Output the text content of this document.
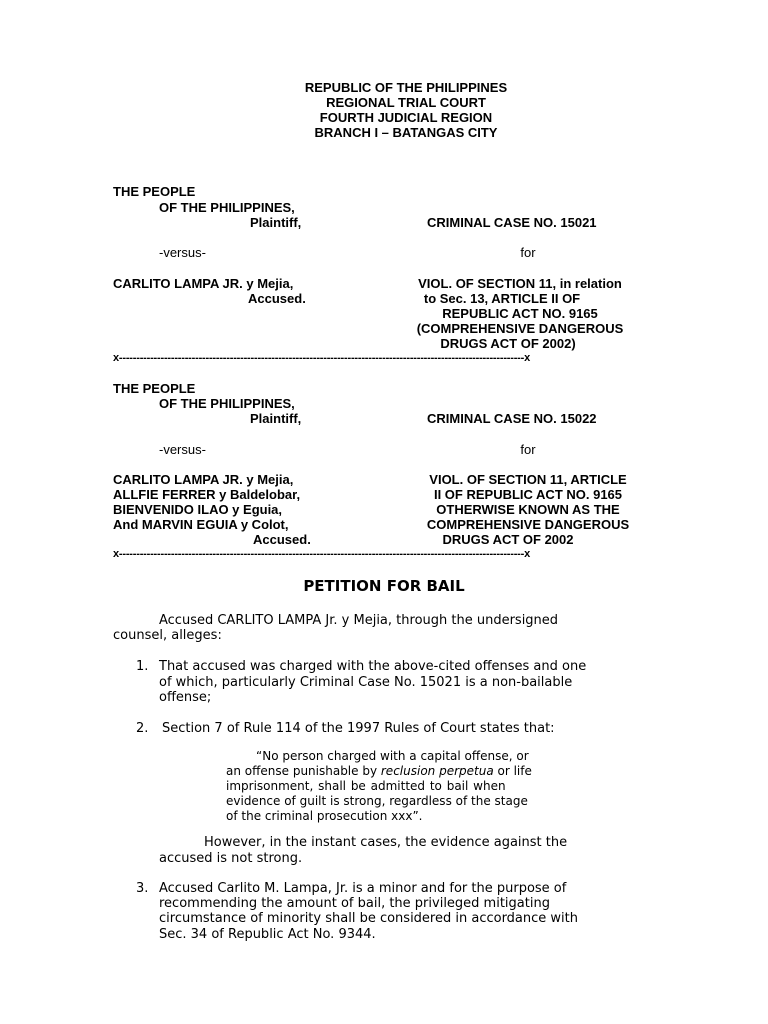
REPUBLIC OF THE PHILIPPINES
REGIONAL TRIAL COURT
FOURTH JUDICIAL REGION
BRANCH I – BATANGAS CITY
THE PEOPLE
OF THE PHILIPPINES,
Plaintiff,	CRIMINAL CASE NO. 15021
-versus-	for
CARLITO LAMPA JR. y Mejia,
Accused.
VIOL. OF SECTION 11, in relation
to Sec. 13, ARTICLE II OF
REPUBLIC ACT NO. 9165
(COMPREHENSIVE DANGEROUS
DRUGS ACT OF 2002)
x---------------------------------------------------------------------------------------------------------------------x
THE PEOPLE
OF THE PHILIPPINES,
Plaintiff,	CRIMINAL CASE NO. 15022
-versus-	for
CARLITO LAMPA JR. y Mejia,
ALLFIE FERRER y Baldelobar,
BIENVENIDO ILAO y Eguia,
And MARVIN EGUIA y Colot,
Accused.
VIOL. OF SECTION 11, ARTICLE
II OF REPUBLIC ACT NO. 9165
OTHERWISE KNOWN AS THE
COMPREHENSIVE DANGEROUS
DRUGS ACT OF 2002
x---------------------------------------------------------------------------------------------------------------------x
PETITION FOR BAIL
Accused CARLITO LAMPA Jr. y Mejia, through the undersigned
counsel, alleges:
1. That accused was charged with the above-cited offenses and one
of which, particularly Criminal Case No. 15021 is a non-bailable
offense;
2. Section 7 of Rule 114 of the 1997 Rules of Court states that:
“No person charged with a capital offense, or
an offense punishable by reclusion perpetua or life
imprisonment, shall be admitted to bail when
evidence of guilt is strong, regardless of the stage
of the criminal prosecution xxx”.
However, in the instant cases, the evidence against the
accused is not strong.
3. Accused Carlito M. Lampa, Jr. is a minor and for the purpose of
recommending the amount of bail, the privileged mitigating
circumstance of minority shall be considered in accordance with
Sec. 34 of Republic Act No. 9344.
